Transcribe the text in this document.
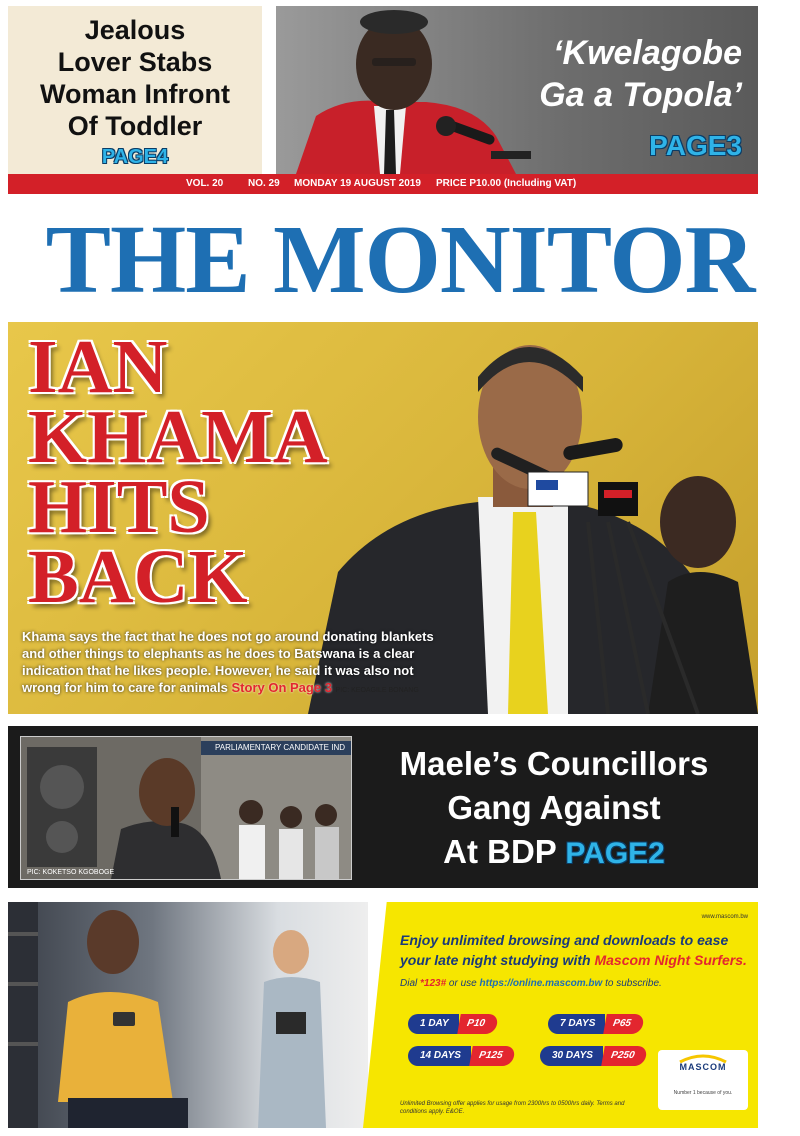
Jealous
Lover Stabs
Woman Infront
Of Toddler
PAGE4
‘Kwelagobe
Ga a Topola’
PAGE3
VOL. 20 NO. 29 MONDAY 19 AUGUST 2019 PRICE P10.00 (Including VAT)
THE MONITOR
IAN
KHAMA
HITS
BACK
Khama says the fact that he does not go around donating blankets and other things to elephants as he does to Batswana is a clear indication that he likes people. However, he said it was also not wrong for him to care for animals Story On Page 3 PIC: KEOAGILE BONANG
PARLIAMENTARY CANDIDATE IND
PIC: KOKETSO KGOBOGE
Maele’s Councillors
Gang Against
At BDP PAGE2
www.mascom.bw
Enjoy unlimited browsing and downloads to ease
your late night studying with Mascom Night Surfers.
Dial *123# or use https://online.mascom.bw to subscribe.
1 DAY P10	7 DAYS P65
14 DAYS P125	30 DAYS P250
Unlimited Browsing offer applies for usage from 2300hrs to 0500hrs daily. Terms and conditions apply. E&OE.
MASCOM
Number 1 because of you.
